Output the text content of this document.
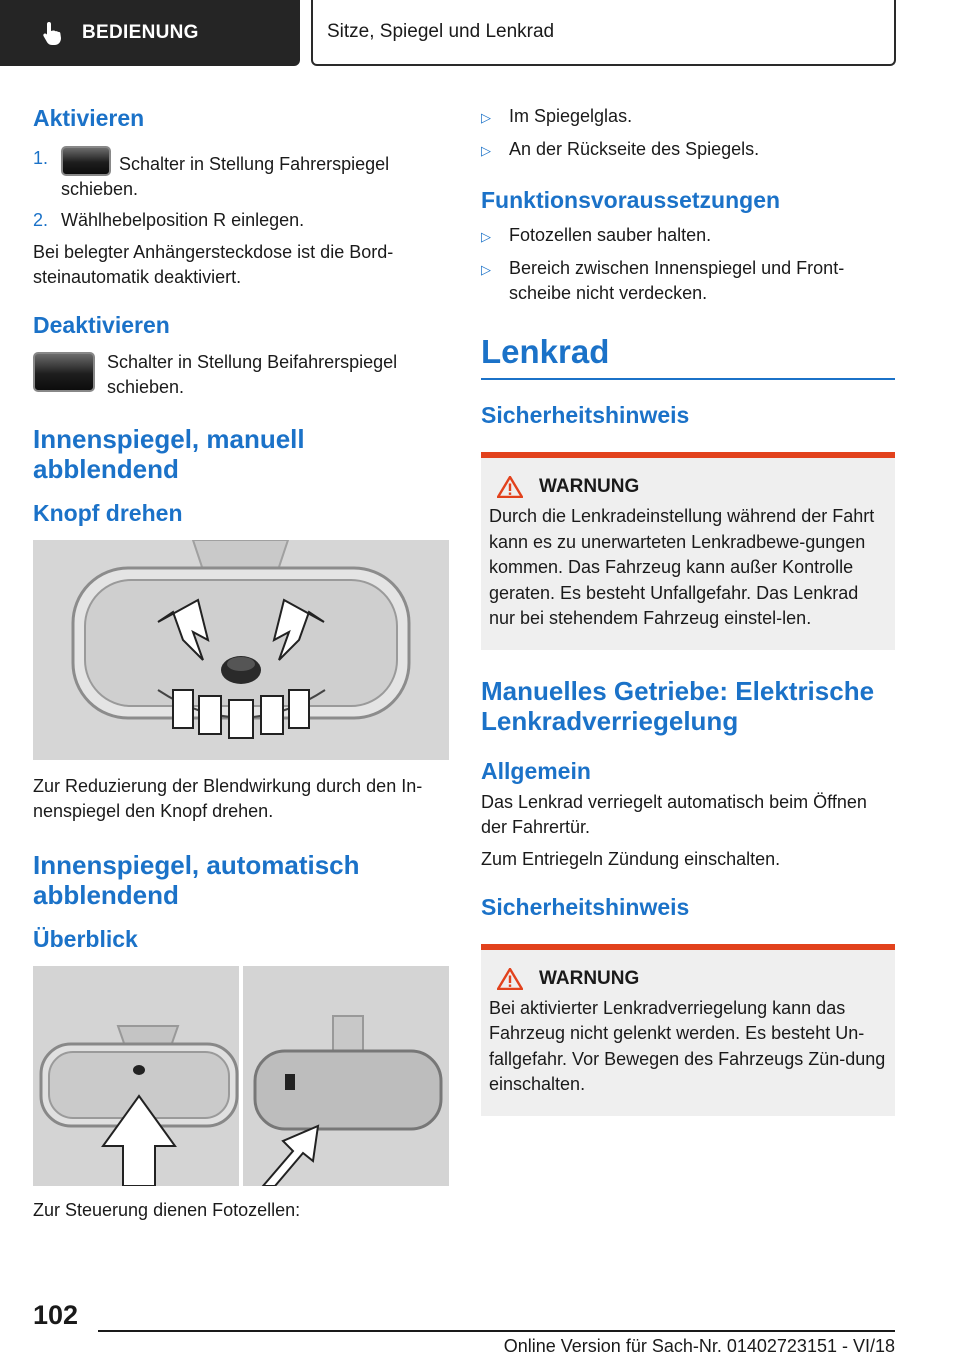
BEDIENUNG	Sitze, Spiegel und Lenkrad
Aktivieren
1.	Schalter in Stellung Fahrerspiegel schieben.
2. Wählhebelposition R einlegen.
Bei belegter Anhängersteckdose ist die Bord‐steinautomatik deaktiviert.
Deaktivieren
Schalter in Stellung Beifahrerspiegel schieben.
Innenspiegel, manuell abblendend
Knopf drehen
Zur Reduzierung der Blendwirkung durch den In‐nenspiegel den Knopf drehen.
Innenspiegel, automatisch abblendend
Überblick
Zur Steuerung dienen Fotozellen:
▷	Im Spiegelglas.
▷	An der Rückseite des Spiegels.
Funktionsvoraussetzungen
▷	Fotozellen sauber halten.
▷	Bereich zwischen Innenspiegel und Front‐scheibe nicht verdecken.
Lenkrad
Sicherheitshinweis
WARNUNG
Durch die Lenkradeinstellung während der Fahrt kann es zu unerwarteten Lenkradbewe‐gungen kommen. Das Fahrzeug kann außer Kontrolle geraten. Es besteht Unfallgefahr. Das Lenkrad nur bei stehendem Fahrzeug einstel‐len.
Manuelles Getriebe: Elektrische Lenkradverriegelung
Allgemein
Das Lenkrad verriegelt automatisch beim Öffnen der Fahrertür.
Zum Entriegeln Zündung einschalten.
Sicherheitshinweis
WARNUNG
Bei aktivierter Lenkradverriegelung kann das Fahrzeug nicht gelenkt werden. Es besteht Un‐fallgefahr. Vor Bewegen des Fahrzeugs Zün‐dung einschalten.
102
Online Version für Sach-Nr. 01402723151 - VI/18
